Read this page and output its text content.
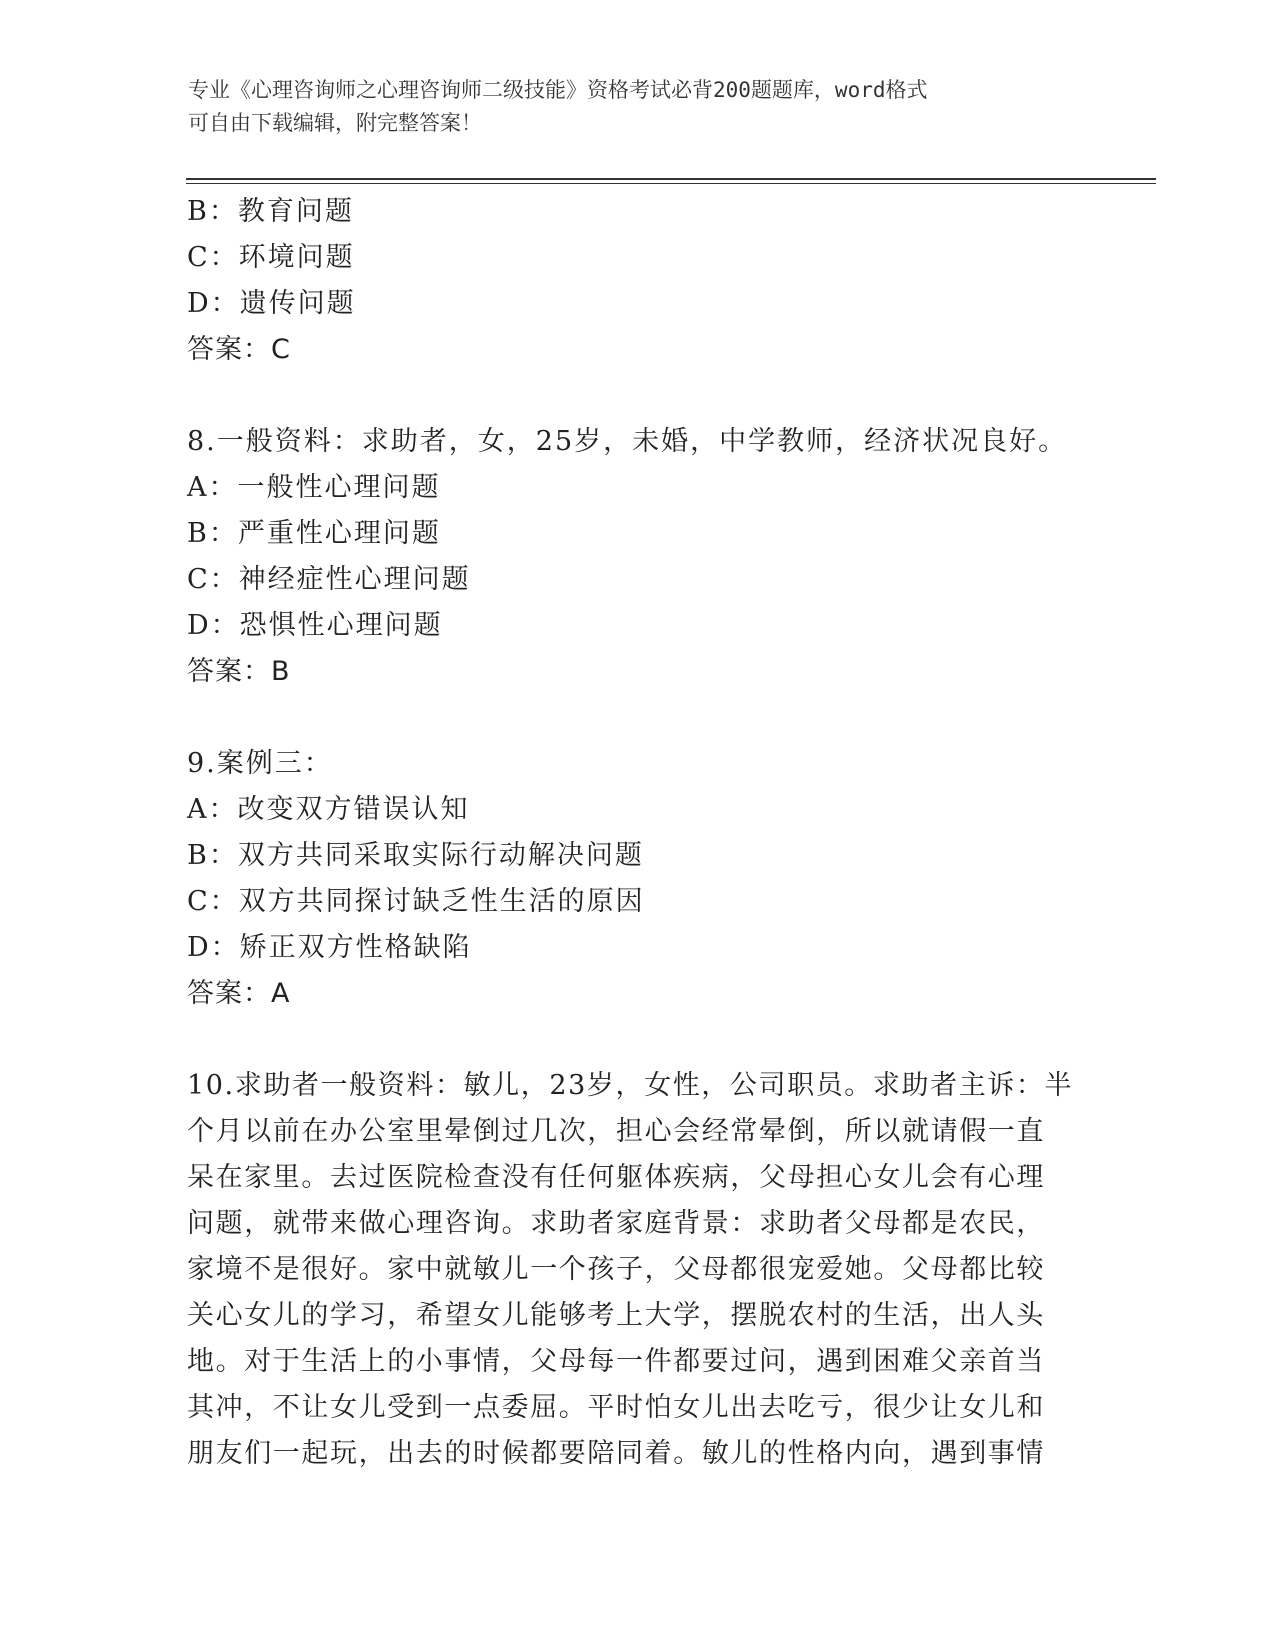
专业《心理咨询师之心理咨询师二级技能》资格考试必背200题题库，word格式
可自由下载编辑，附完整答案！
B：教育问题
C：环境问题
D：遗传问题
答案：C
8.一般资料：求助者，女，25岁，未婚，中学教师，经济状况良好。
A：一般性心理问题
B：严重性心理问题
C：神经症性心理问题
D：恐惧性心理问题
答案：B
9.案例三：
A：改变双方错误认知
B：双方共同采取实际行动解决问题
C：双方共同探讨缺乏性生活的原因
D：矫正双方性格缺陷
答案：A
10.求助者一般资料：敏儿，23岁，女性，公司职员。求助者主诉：半
个月以前在办公室里晕倒过几次，担心会经常晕倒，所以就请假一直
呆在家里。去过医院检查没有任何躯体疾病，父母担心女儿会有心理
问题，就带来做心理咨询。求助者家庭背景：求助者父母都是农民，
家境不是很好。家中就敏儿一个孩子，父母都很宠爱她。父母都比较
关心女儿的学习，希望女儿能够考上大学，摆脱农村的生活，出人头
地。对于生活上的小事情，父母每一件都要过问，遇到困难父亲首当
其冲，不让女儿受到一点委屈。平时怕女儿出去吃亏，很少让女儿和
朋友们一起玩，出去的时候都要陪同着。敏儿的性格内向，遇到事情
